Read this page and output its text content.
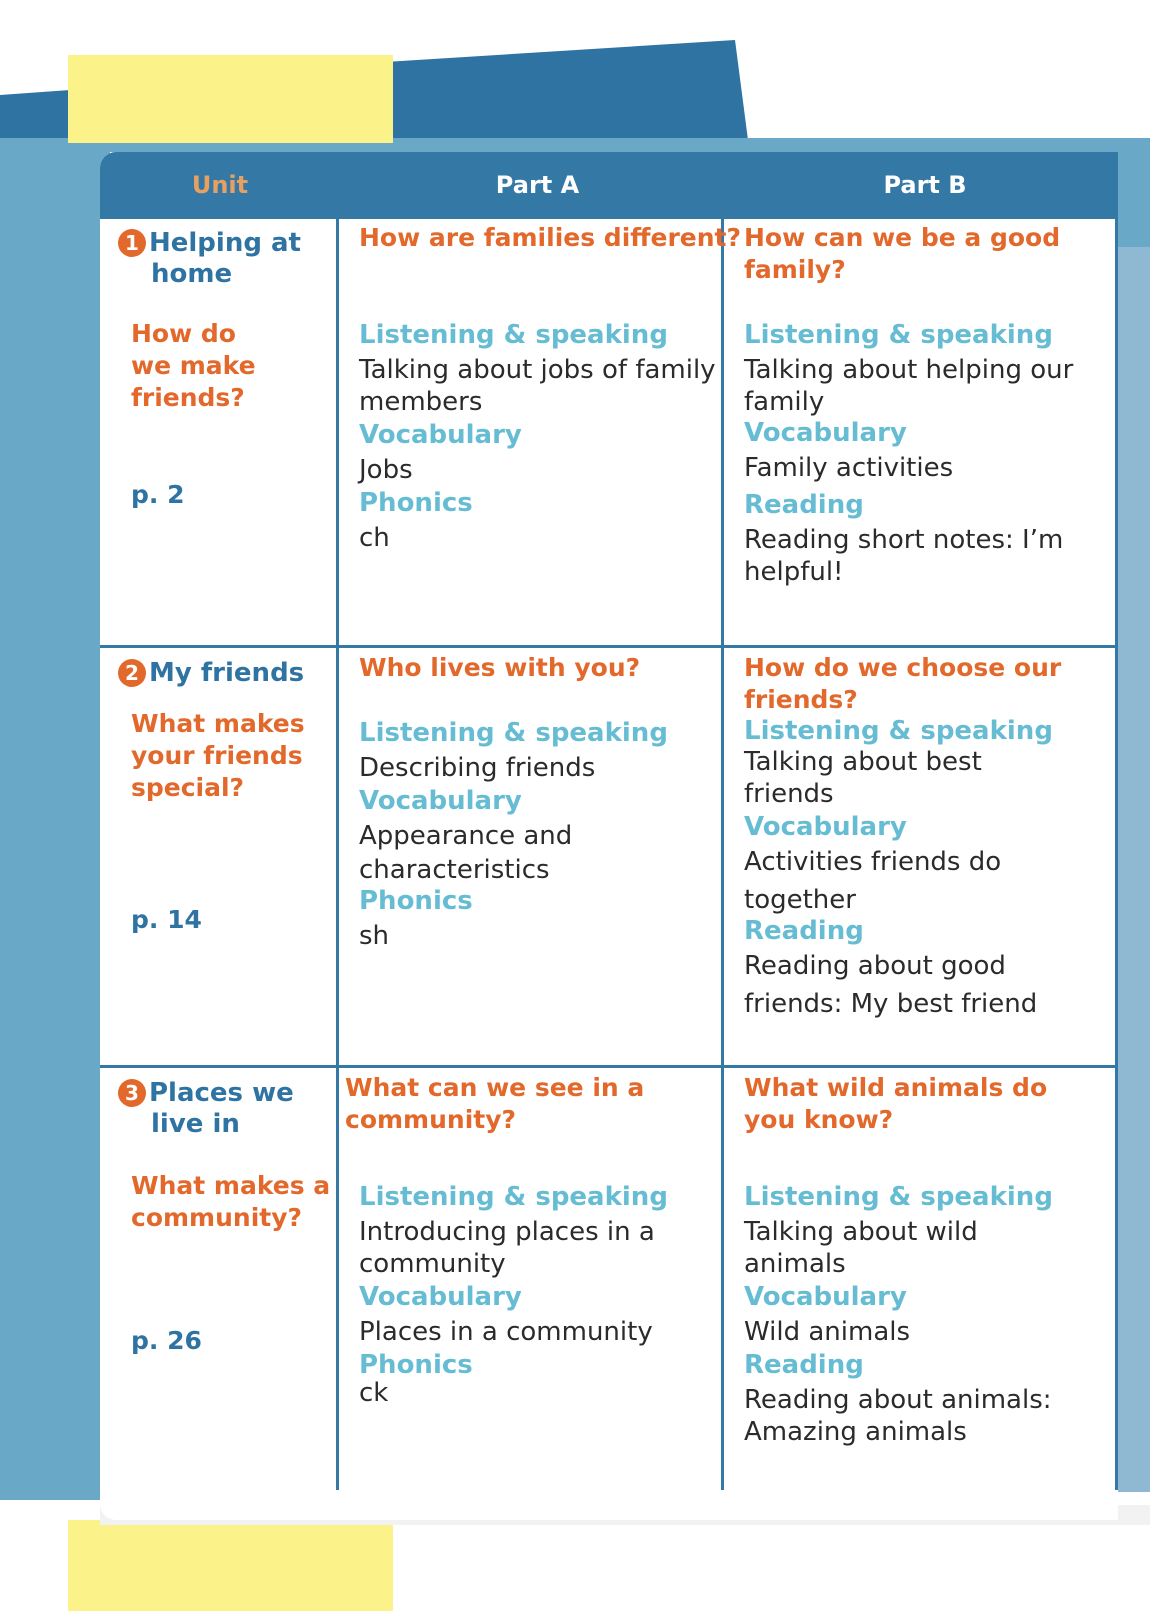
Unit	Part A	Part B
1 Helping at
home
How do
we make
friends?
p. 2
How are families different?
Listening & speaking
Talking about jobs of family
members
Vocabulary
Jobs
Phonics
ch
How can we be a good
family?
Listening & speaking
Talking about helping our
family
Vocabulary
Family activities
Reading
Reading short notes: I’m
helpful!
2 My friends
What makes
your friends
special?
p. 14
Who lives with you?
Listening & speaking
Describing friends
Vocabulary
Appearance and
characteristics
Phonics
sh
How do we choose our
friends?
Listening & speaking
Talking about best
friends
Vocabulary
Activities friends do
together
Reading
Reading about good
friends: My best friend
3 Places we
live in
What makes a
community?
p. 26
What can we see in a
community?
Listening & speaking
Introducing places in a
community
Vocabulary
Places in a community
Phonics
ck
What wild animals do
you know?
Listening & speaking
Talking about wild
animals
Vocabulary
Wild animals
Reading
Reading about animals:
Amazing animals
